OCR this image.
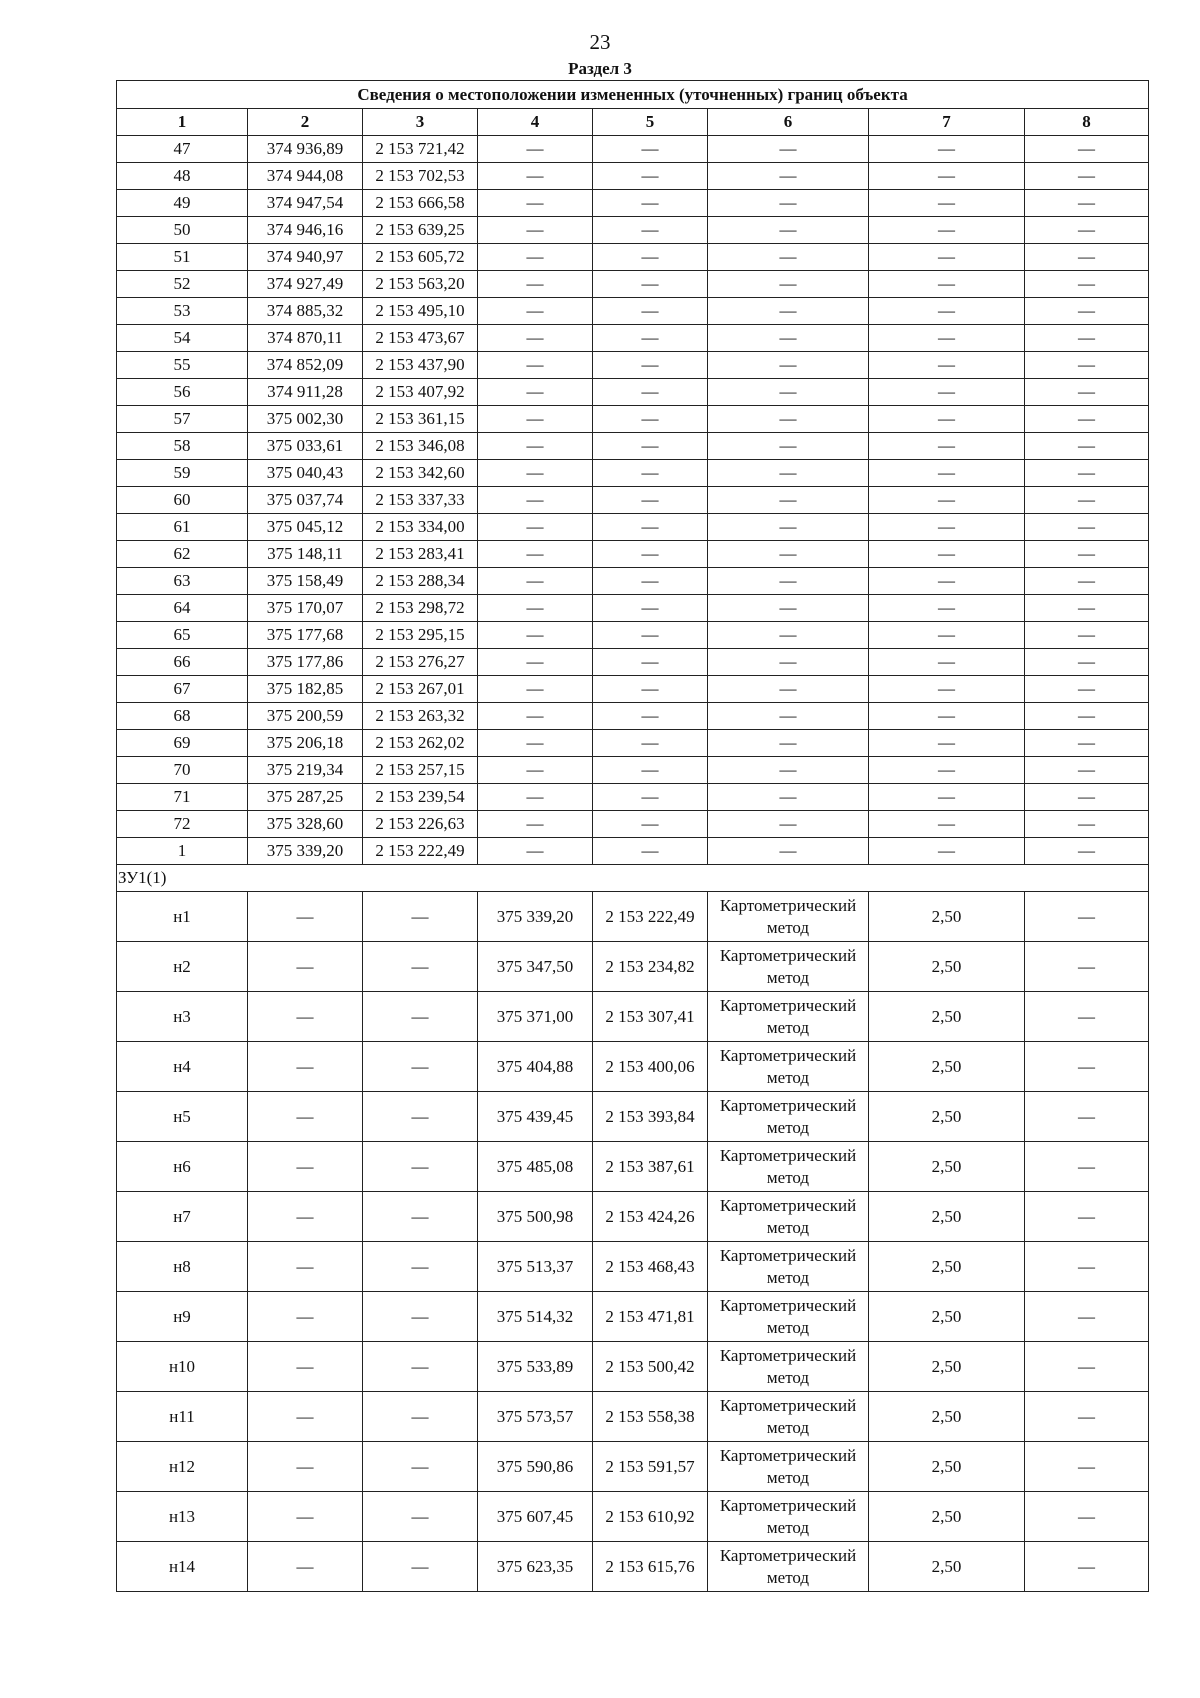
23
Раздел 3
Сведения о местоположении измененных (уточненных) границ объекта							
1	2	3	4	5	6	7	8
47	374 936,89	2 153 721,42	—	—	—	—	—
48	374 944,08	2 153 702,53	—	—	—	—	—
49	374 947,54	2 153 666,58	—	—	—	—	—
50	374 946,16	2 153 639,25	—	—	—	—	—
51	374 940,97	2 153 605,72	—	—	—	—	—
52	374 927,49	2 153 563,20	—	—	—	—	—
53	374 885,32	2 153 495,10	—	—	—	—	—
54	374 870,11	2 153 473,67	—	—	—	—	—
55	374 852,09	2 153 437,90	—	—	—	—	—
56	374 911,28	2 153 407,92	—	—	—	—	—
57	375 002,30	2 153 361,15	—	—	—	—	—
58	375 033,61	2 153 346,08	—	—	—	—	—
59	375 040,43	2 153 342,60	—	—	—	—	—
60	375 037,74	2 153 337,33	—	—	—	—	—
61	375 045,12	2 153 334,00	—	—	—	—	—
62	375 148,11	2 153 283,41	—	—	—	—	—
63	375 158,49	2 153 288,34	—	—	—	—	—
64	375 170,07	2 153 298,72	—	—	—	—	—
65	375 177,68	2 153 295,15	—	—	—	—	—
66	375 177,86	2 153 276,27	—	—	—	—	—
67	375 182,85	2 153 267,01	—	—	—	—	—
68	375 200,59	2 153 263,32	—	—	—	—	—
69	375 206,18	2 153 262,02	—	—	—	—	—
70	375 219,34	2 153 257,15	—	—	—	—	—
71	375 287,25	2 153 239,54	—	—	—	—	—
72	375 328,60	2 153 226,63	—	—	—	—	—
1	375 339,20	2 153 222,49	—	—	—	—	—
ЗУ1(1)							
н1	—	—	375 339,20	2 153 222,49	Картометрический метод	2,50	—
н2	—	—	375 347,50	2 153 234,82	Картометрический метод	2,50	—
н3	—	—	375 371,00	2 153 307,41	Картометрический метод	2,50	—
н4	—	—	375 404,88	2 153 400,06	Картометрический метод	2,50	—
н5	—	—	375 439,45	2 153 393,84	Картометрический метод	2,50	—
н6	—	—	375 485,08	2 153 387,61	Картометрический метод	2,50	—
н7	—	—	375 500,98	2 153 424,26	Картометрический метод	2,50	—
н8	—	—	375 513,37	2 153 468,43	Картометрический метод	2,50	—
н9	—	—	375 514,32	2 153 471,81	Картометрический метод	2,50	—
н10	—	—	375 533,89	2 153 500,42	Картометрический метод	2,50	—
н11	—	—	375 573,57	2 153 558,38	Картометрический метод	2,50	—
н12	—	—	375 590,86	2 153 591,57	Картометрический метод	2,50	—
н13	—	—	375 607,45	2 153 610,92	Картометрический метод	2,50	—
н14	—	—	375 623,35	2 153 615,76	Картометрический метод	2,50	—
